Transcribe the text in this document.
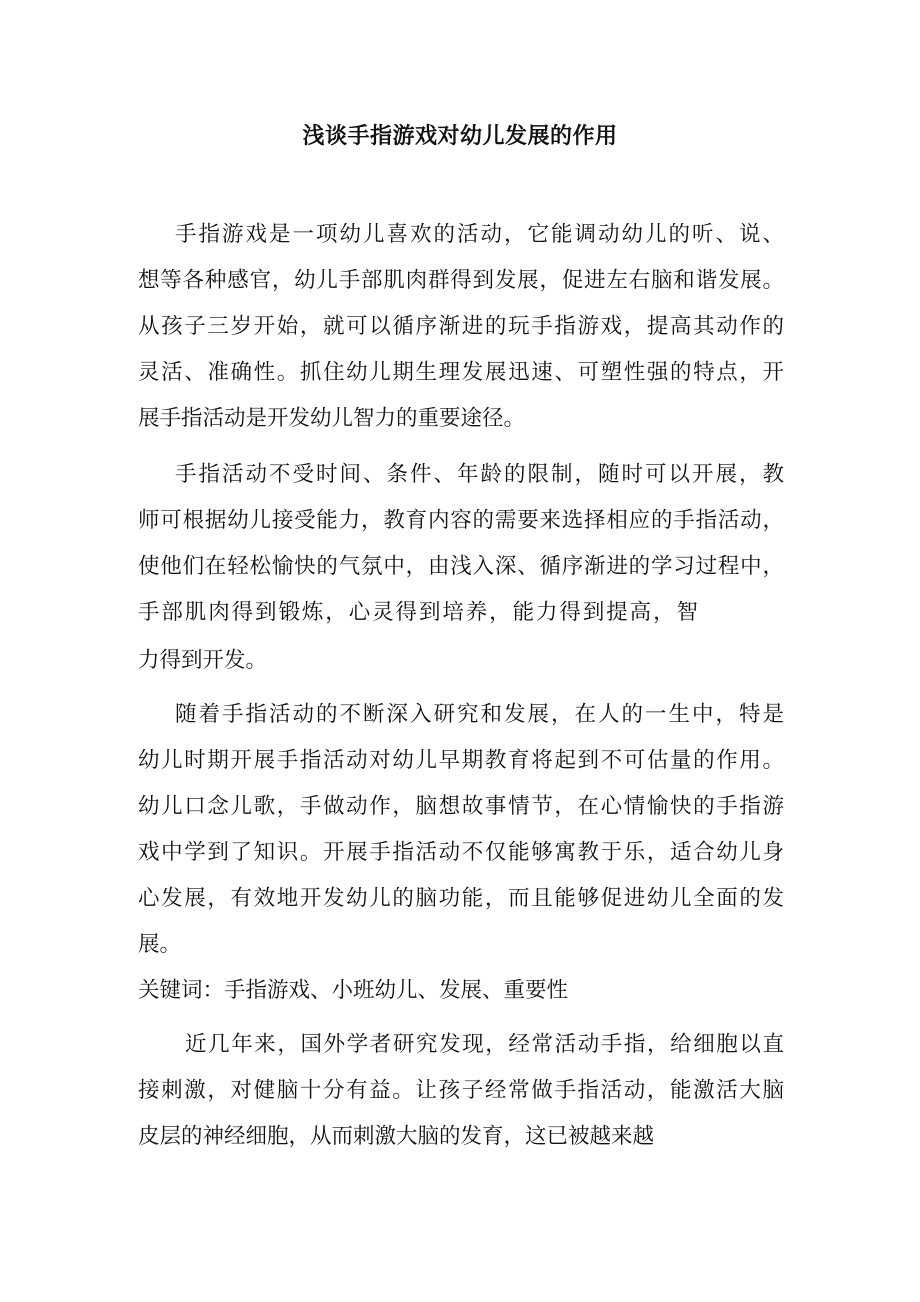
浅谈手指游戏对幼儿发展的作用
手指游戏是一项幼儿喜欢的活动，它能调动幼儿的听、说、
想等各种感官，幼儿手部肌肉群得到发展，促进左右脑和谐发展。
从孩子三岁开始，就可以循序渐进的玩手指游戏，提高其动作的
灵活、准确性。抓住幼儿期生理发展迅速、可塑性强的特点，开
展手指活动是开发幼儿智力的重要途径。
手指活动不受时间、条件、年龄的限制，随时可以开展，教
师可根据幼儿接受能力，教育内容的需要来选择相应的手指活动，
使他们在轻松愉快的气氛中，由浅入深、循序渐进的学习过程中，
手部肌肉得到锻炼，心灵得到培养，能力得到提高，智
力得到开发。
随着手指活动的不断深入研究和发展，在人的一生中，特是
幼儿时期开展手指活动对幼儿早期教育将起到不可估量的作用。
幼儿口念儿歌，手做动作，脑想故事情节，在心情愉快的手指游
戏中学到了知识。开展手指活动不仅能够寓教于乐，适合幼儿身
心发展，有效地开发幼儿的脑功能，而且能够促进幼儿全面的发
展。
关键词：手指游戏、小班幼儿、发展、重要性
近几年来，国外学者研究发现，经常活动手指，给细胞以直
接刺激，对健脑十分有益。让孩子经常做手指活动，能激活大脑
皮层的神经细胞，从而刺激大脑的发育，这已被越来越
